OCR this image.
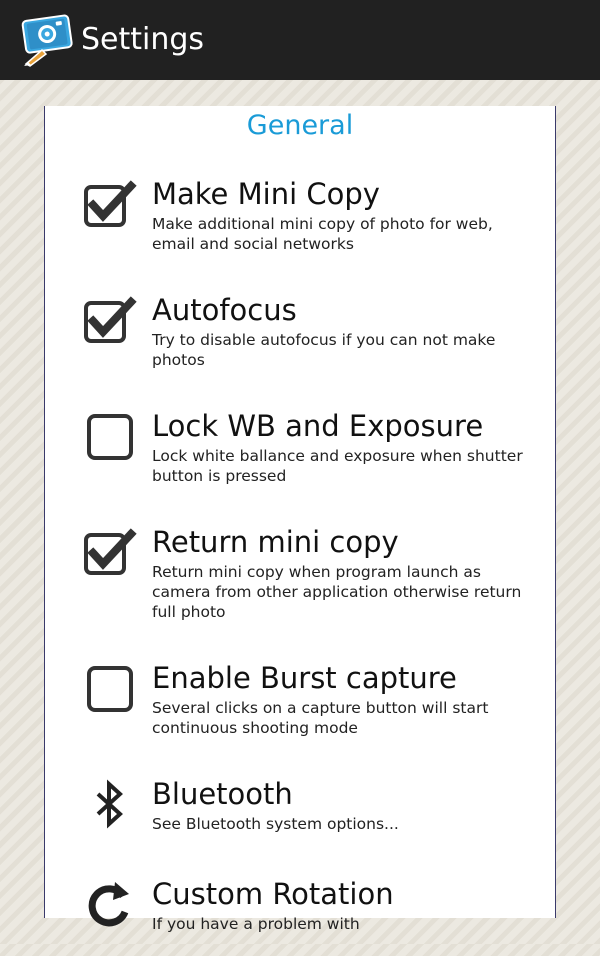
Settings
General
Make Mini Copy
Make additional mini copy of photo for web, email and social networks
Autofocus
Try to disable autofocus if you can not make photos
Lock WB and Exposure
Lock white ballance and exposure when shutter button is pressed
Return mini copy
Return mini copy when program launch as camera from other application otherwise return full photo
Enable Burst capture
Several clicks on a capture button will start continuous shooting mode
Bluetooth
See Bluetooth system options...
Custom Rotation
If you have a problem with
